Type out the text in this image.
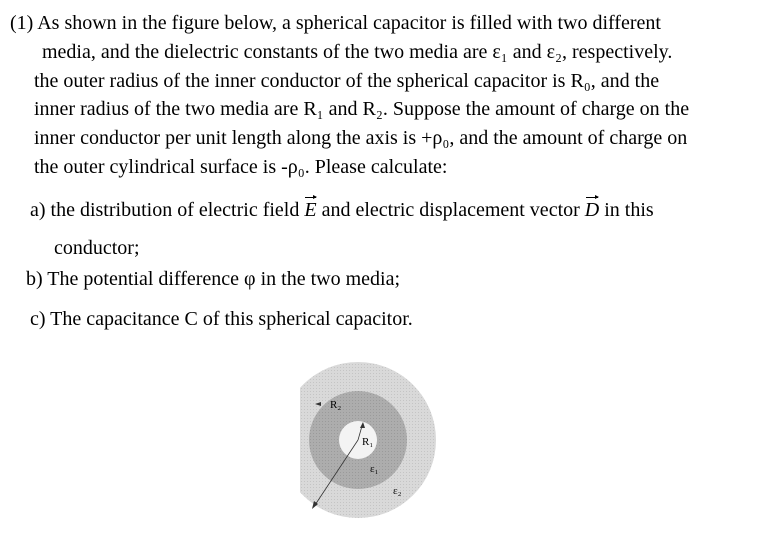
(1) As shown in the figure below, a spherical capacitor is filled with two different
media, and the dielectric constants of the two media are ε₁ and ε₂, respectively.
the outer radius of the inner conductor of the spherical capacitor is R₀, and the
inner radius of the two media are R₁ and R₂. Suppose the amount of charge on the
inner conductor per unit length along the axis is +ρ₀, and the amount of charge on
the outer cylindrical surface is -ρ₀. Please calculate:
a) the distribution of electric field E and electric displacement vector D in this
conductor;
b) The potential difference φ in the two media;
c) The capacitance C of this spherical capacitor.
R₂
R₁
ε₁
ε₂
